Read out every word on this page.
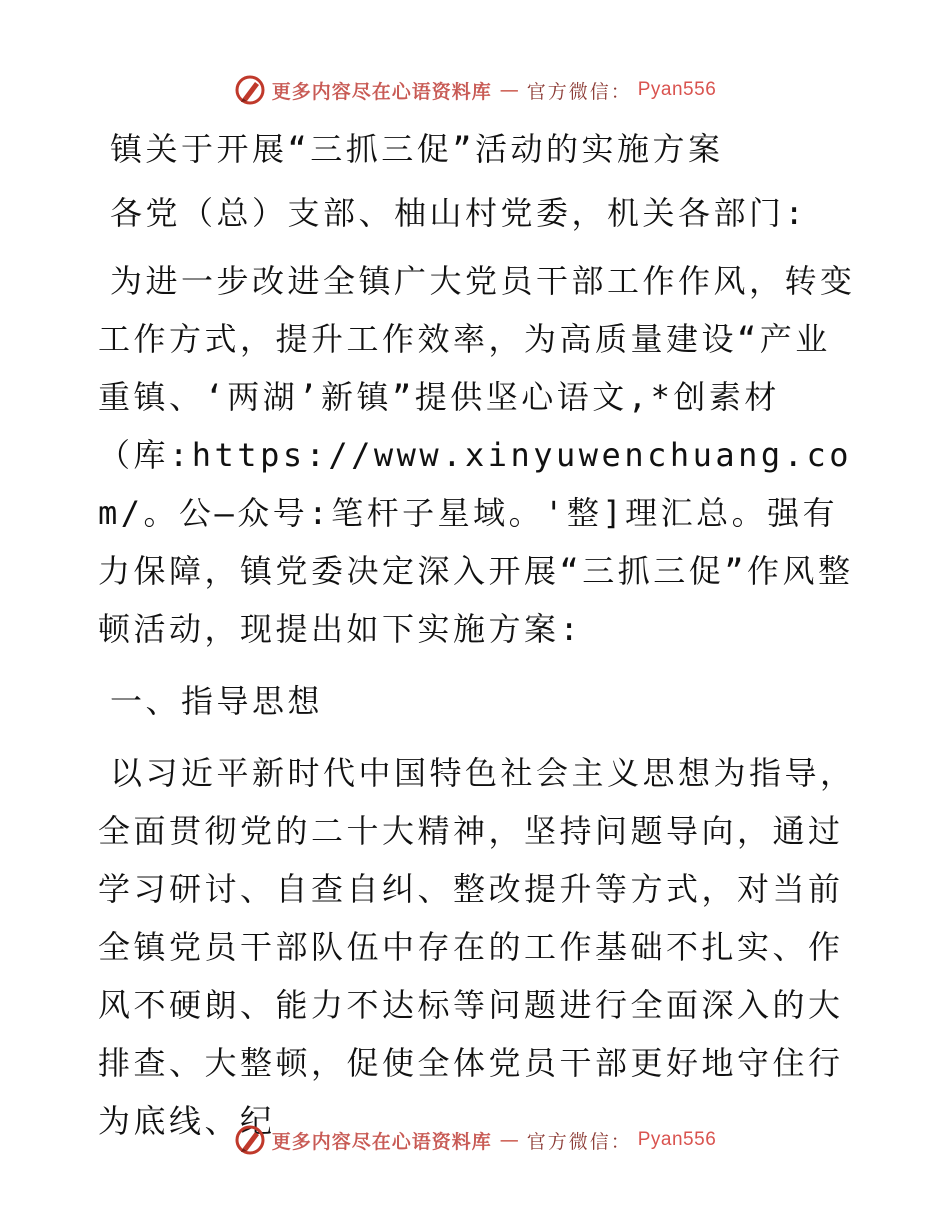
更多内容尽在心语资料库 — 官方微信： Pyan556

镇关于开展“三抓三促”活动的实施方案

各党（总）支部、柚山村党委，机关各部门:

为进一步改进全镇广大党员干部工作作风，转变工作方式，提升工作效率，为高质量建设“产业重镇、‘两湖’新镇”提供坚心语文,*创素材（库:https://www.xinyuwenchuang.com/。公—众号:笔杆子星域。'整]理汇总。强有力保障，镇党委决定深入开展“三抓三促”作风整顿活动，现提出如下实施方案:

一、指导思想

以习近平新时代中国特色社会主义思想为指导，全面贯彻党的二十大精神，坚持问题导向，通过学习研讨、自查自纠、整改提升等方式，对当前全镇党员干部队伍中存在的工作基础不扎实、作风不硬朗、能力不达标等问题进行全面深入的大排查、大整顿，促使全体党员干部更好地守住行为底线、纪

更多内容尽在心语资料库 — 官方微信： Pyan556
